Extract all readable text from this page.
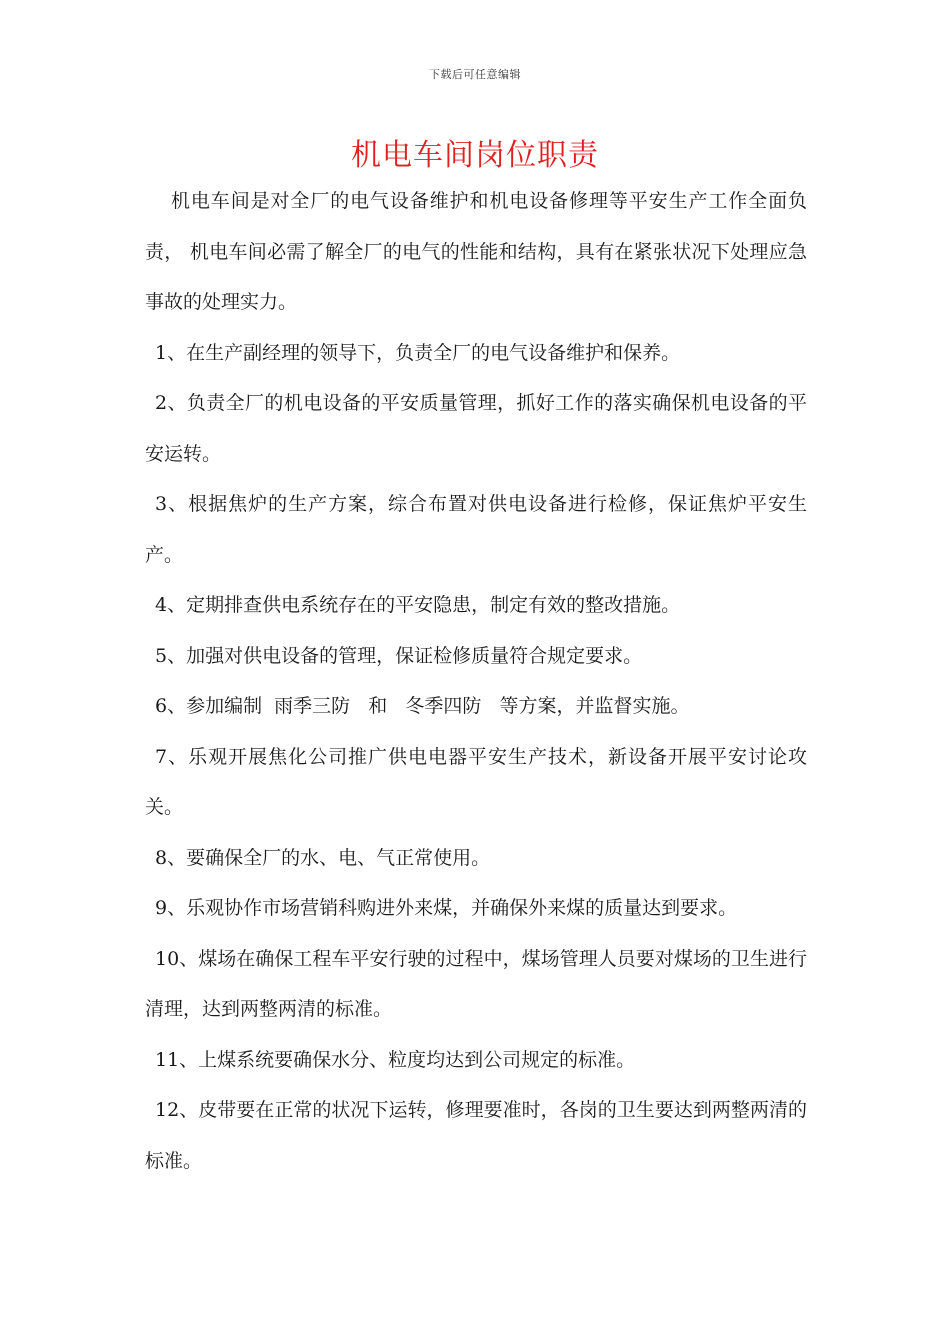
下载后可任意编辑
机电车间岗位职责

机电车间是对全厂的电气设备维护和机电设备修理等平安生产工作全面负责， 机电车间必需了解全厂的电气的性能和结构，具有在紧张状况下处理应急事故的处理实力。

1、在生产副经理的领导下，负责全厂的电气设备维护和保养。

2、负责全厂的机电设备的平安质量管理，抓好工作的落实确保机电设备的平安运转。

3、根据焦炉的生产方案，综合布置对供电设备进行检修，保证焦炉平安生产。

4、定期排查供电系统存在的平安隐患，制定有效的整改措施。

5、加强对供电设备的管理，保证检修质量符合规定要求。

6、参加编制  雨季三防   和   冬季四防   等方案，并监督实施。

7、乐观开展焦化公司推广供电电器平安生产技术，新设备开展平安讨论攻关。

8、要确保全厂的水、电、气正常使用。

9、乐观协作市场营销科购进外来煤，并确保外来煤的质量达到要求。

10、煤场在确保工程车平安行驶的过程中，煤场管理人员要对煤场的卫生进行清理，达到两整两清的标准。

11、上煤系统要确保水分、粒度均达到公司规定的标准。

12、皮带要在正常的状况下运转，修理要准时，各岗的卫生要达到两整两清的标准。
